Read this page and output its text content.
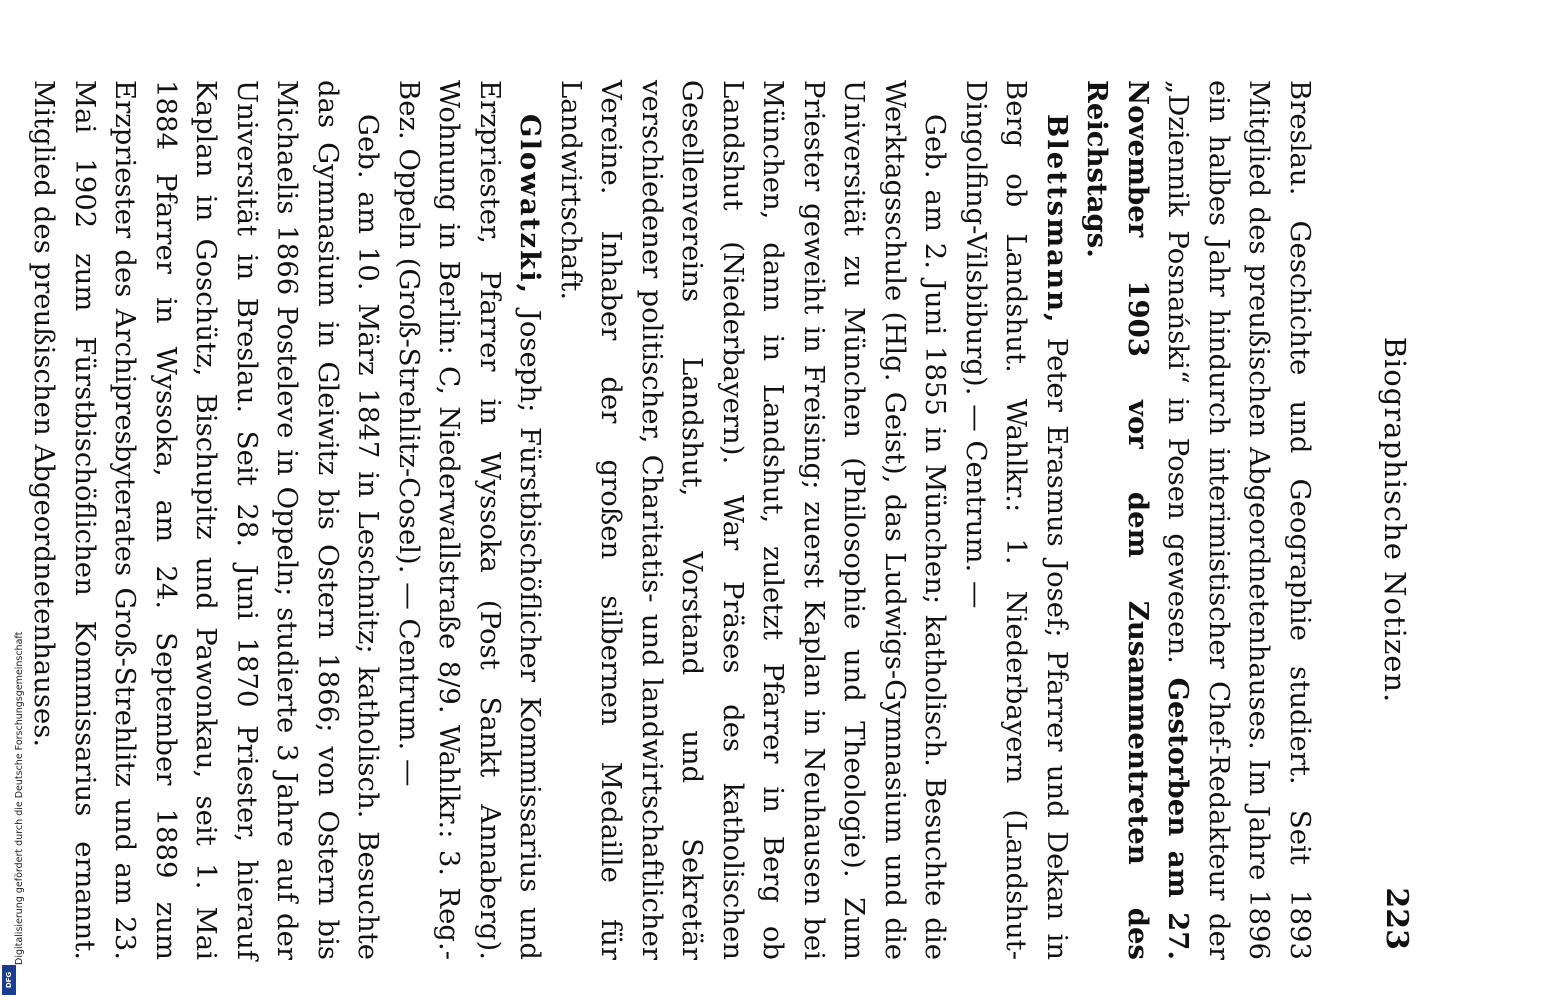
Digitalisierung gefördert durch die Deutsche Forschungsgemeinschaft
DFG
Biographische Notizen.
223

Breslau. Geschichte und Geographie studiert. Seit 1893 Mitglied des preußischen Abgeordnetenhauses. Im Jahre 1896 ein halbes Jahr hindurch interimistischer Chef-Redakteur der „Dziennik Posnański“ in Posen gewesen. Gestorben am 27. November 1903 vor dem Zusammentreten des Reichstags.

Blettsmann, Peter Erasmus Josef; Pfarrer und Dekan in Berg ob Landshut. Wahlkr.: 1. Niederbayern (Landshut-Dingolfing-Vilsbiburg). — Centrum. —

Geb. am 2. Juni 1855 in München; katholisch. Besuchte die Werktagsschule (Hlg. Geist), das Ludwigs-Gymnasium und die Universität zu München (Philosophie und Theologie). Zum Priester geweiht in Freising; zuerst Kaplan in Neuhausen bei München, dann in Landshut, zuletzt Pfarrer in Berg ob Landshut (Niederbayern). War Präses des katholischen Gesellenvereins Landshut, Vorstand und Sekretär verschiedener politischer, Charitatis- und landwirtschaftlicher Vereine. Inhaber der großen silbernen Medaille für Landwirtschaft.

Glowatzki, Joseph; Fürstbischöflicher Kommissarius und Erzpriester, Pfarrer in Wyssoka (Post Sankt Annaberg). Wohnung in Berlin: C, Niederwallstraße 8/9. Wahlkr.: 3. Reg.-Bez. Oppeln (Groß-Strehlitz-Cosel). — Centrum. —

Geb. am 10. März 1847 in Leschnitz; katholisch. Besuchte das Gymnasium in Gleiwitz bis Ostern 1866; von Ostern bis Michaelis 1866 Postelevе in Oppeln; studierte 3 Jahre auf der Universität in Breslau. Seit 28. Juni 1870 Priester, hierauf Kaplan in Goschütz, Bischupitz und Pawonkau, seit 1. Mai 1884 Pfarrer in Wyssoka, am 24. September 1889 zum Erzpriester des Archipresbyterates Groß-Strehlitz und am 23. Mai 1902 zum Fürstbischöflichen Kommissarius ernannt. Mitglied des preußischen Abgeordnetenhauses.
